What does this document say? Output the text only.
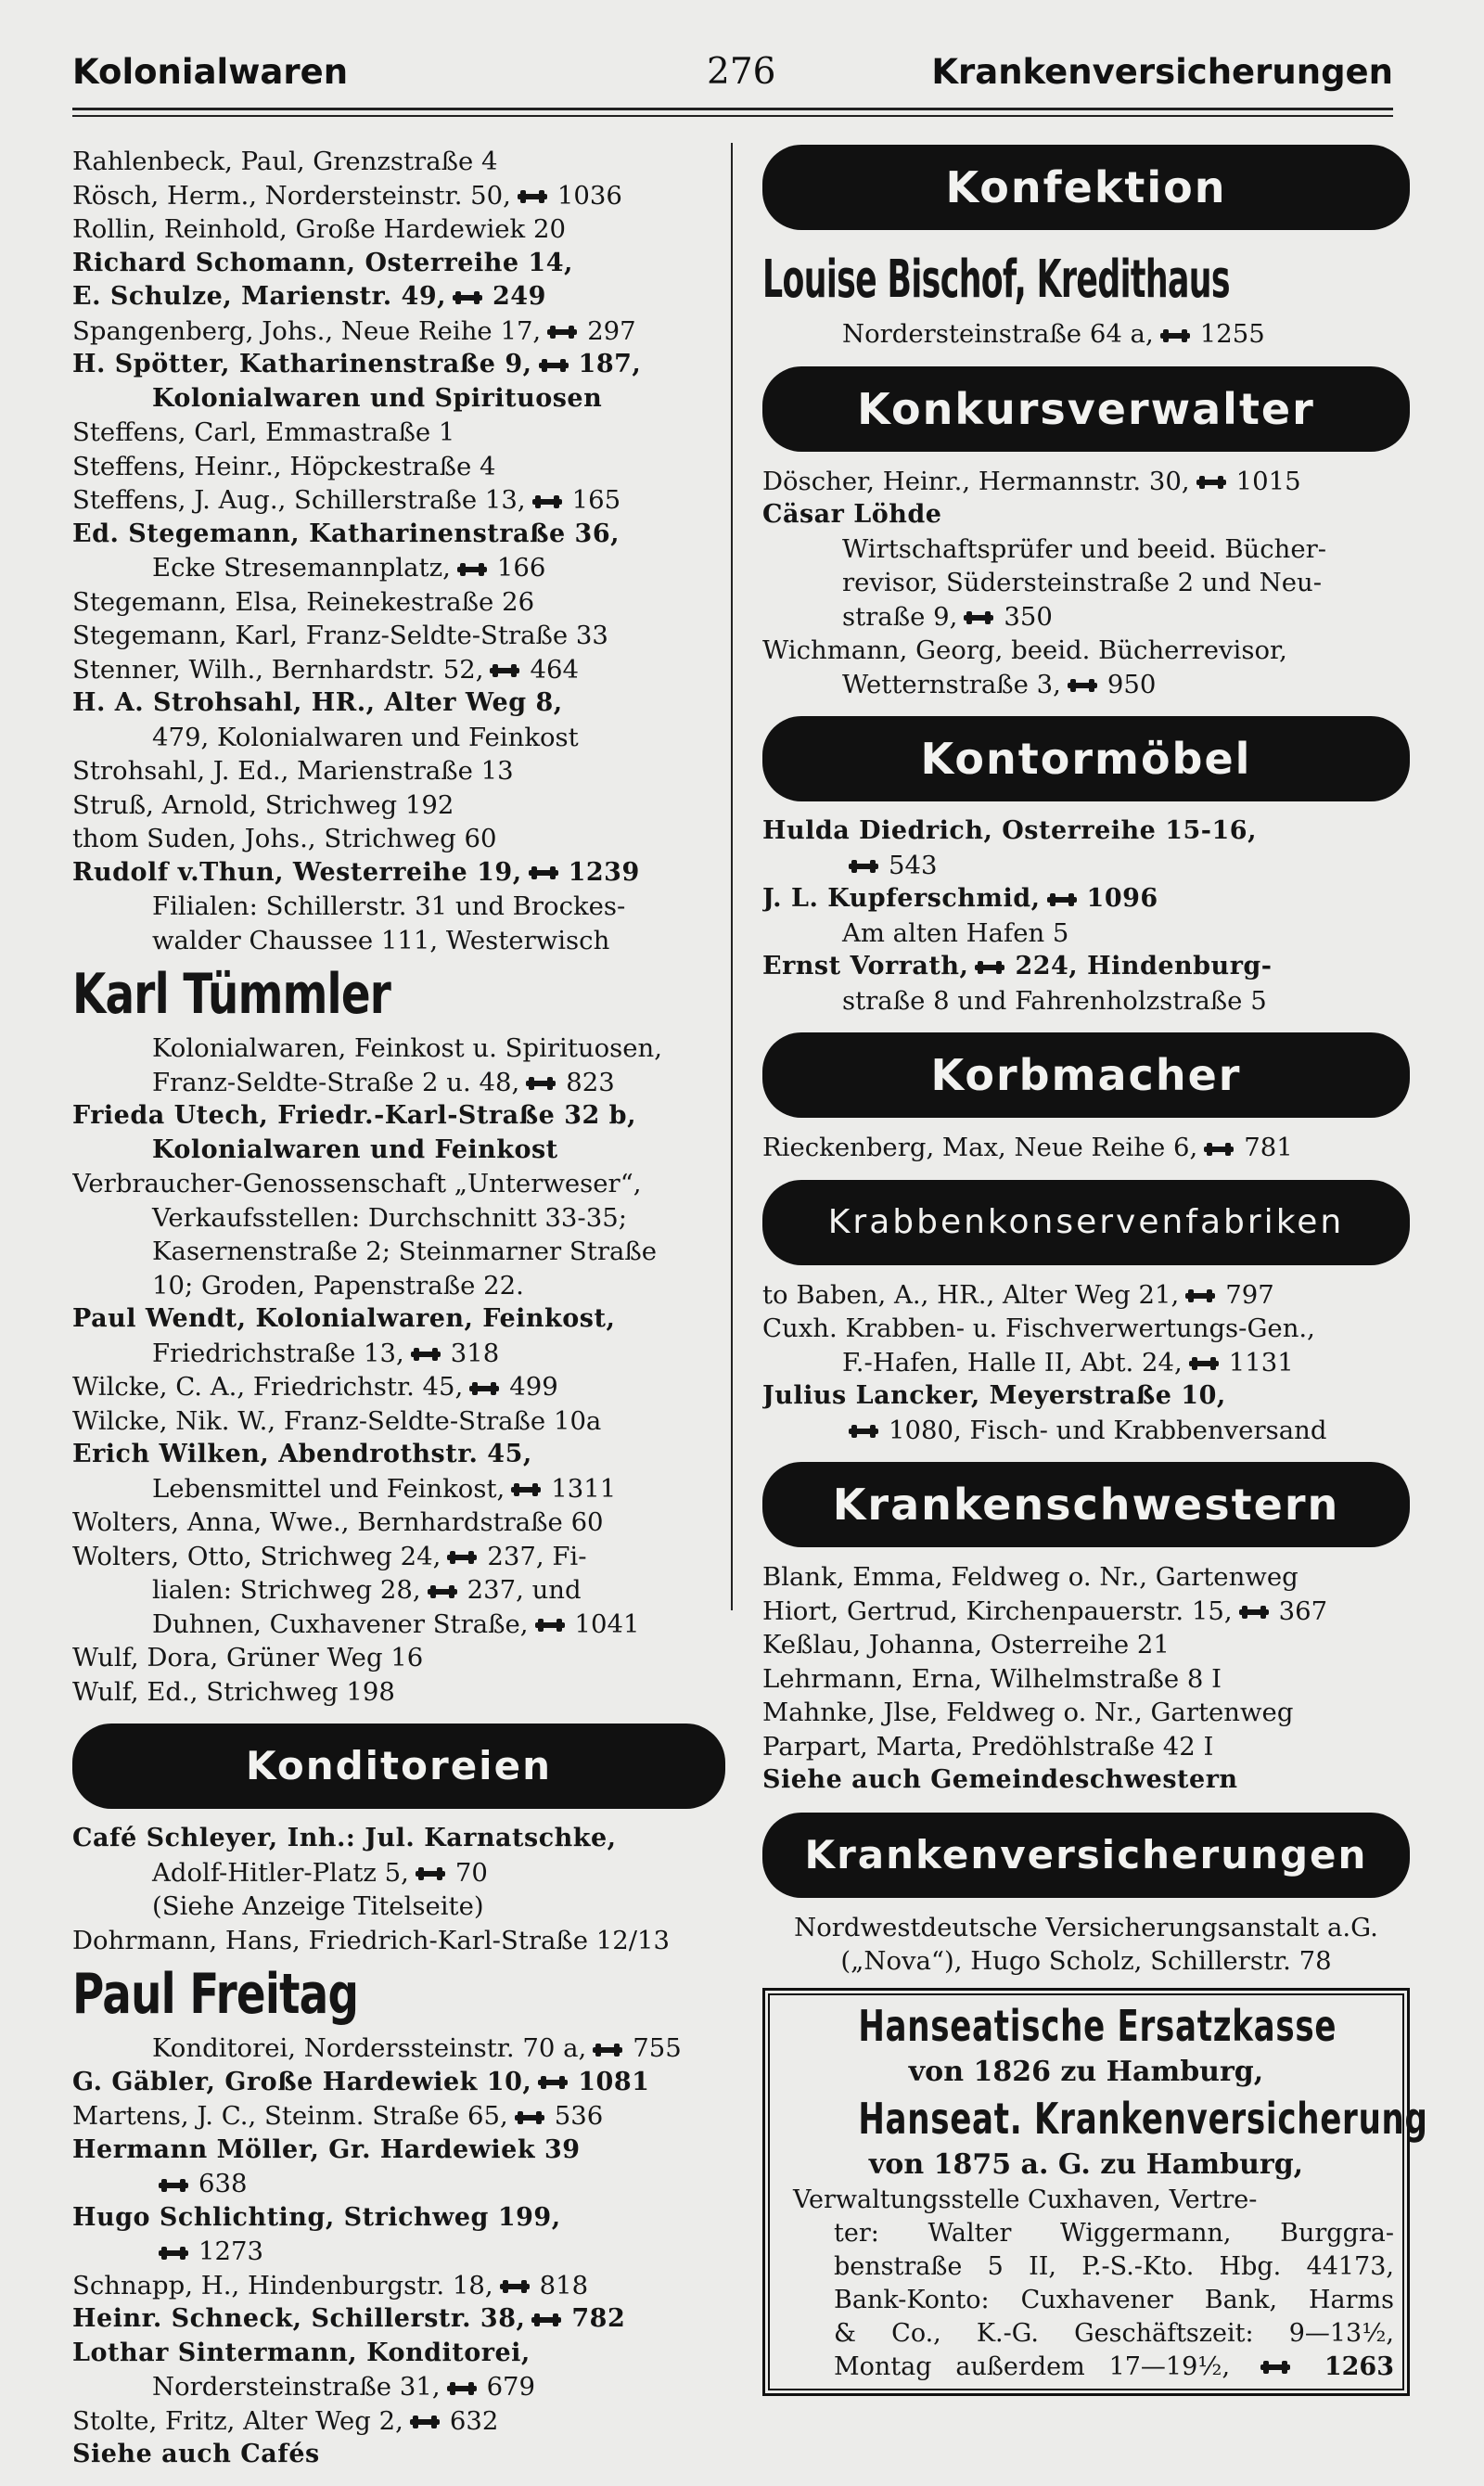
Kolonialwaren	276	Krankenversicherungen
Rahlenbeck, Paul, Grenzstraße 4
Rösch, Herm., Nordersteinstr. 50, 1036
Rollin, Reinhold, Große Hardewiek 20
Richard Schomann, Osterreihe 14,
E. Schulze, Marienstr. 49, 249
Spangenberg, Johs., Neue Reihe 17, 297
H. Spötter, Katharinenstraße 9, 187,
Kolonialwaren und Spirituosen
Steffens, Carl, Emmastraße 1
Steffens, Heinr., Höpckestraße 4
Steffens, J. Aug., Schillerstraße 13, 165
Ed. Stegemann, Katharinenstraße 36,
Ecke Stresemannplatz, 166
Stegemann, Elsa, Reinekestraße 26
Stegemann, Karl, Franz-Seldte-Straße 33
Stenner, Wilh., Bernhardstr. 52, 464
H. A. Strohsahl, HR., Alter Weg 8,
479, Kolonialwaren und Feinkost
Strohsahl, J. Ed., Marienstraße 13
Struß, Arnold, Strichweg 192
thom Suden, Johs., Strichweg 60
Rudolf v.Thun, Westerreihe 19, 1239
Filialen: Schillerstr. 31 und Brockes-
walder Chaussee 111, Westerwisch
Karl Tümmler
Kolonialwaren, Feinkost u. Spirituosen,
Franz-Seldte-Straße 2 u. 48, 823
Frieda Utech, Friedr.-Karl-Straße 32 b,
Kolonialwaren und Feinkost
Verbraucher-Genossenschaft „Unterweser“,
Verkaufsstellen: Durchschnitt 33-35;
Kasernenstraße 2; Steinmarner Straße
10; Groden, Papenstraße 22.
Paul Wendt, Kolonialwaren, Feinkost,
Friedrichstraße 13, 318
Wilcke, C. A., Friedrichstr. 45, 499
Wilcke, Nik. W., Franz-Seldte-Straße 10a
Erich Wilken, Abendrothstr. 45,
Lebensmittel und Feinkost, 1311
Wolters, Anna, Wwe., Bernhardstraße 60
Wolters, Otto, Strichweg 24, 237, Fi-
lialen: Strichweg 28, 237, und
Duhnen, Cuxhavener Straße, 1041
Wulf, Dora, Grüner Weg 16
Wulf, Ed., Strichweg 198
Konditoreien
Café Schleyer, Inh.: Jul. Karnatschke,
Adolf-Hitler-Platz 5, 70
(Siehe Anzeige Titelseite)
Dohrmann, Hans, Friedrich-Karl-Straße 12/13
Paul Freitag
Konditorei, Norderssteinstr. 70 a, 755
G. Gäbler, Große Hardewiek 10, 1081
Martens, J. C., Steinm. Straße 65, 536
Hermann Möller, Gr. Hardewiek 39
638
Hugo Schlichting, Strichweg 199,
1273
Schnapp, H., Hindenburgstr. 18, 818
Heinr. Schneck, Schillerstr. 38, 782
Lothar Sintermann, Konditorei,
Nordersteinstraße 31, 679
Stolte, Fritz, Alter Weg 2, 632
Siehe auch Cafés
Konfektion
Louise Bischof, Kredithaus
Nordersteinstraße 64 a, 1255
Konkursverwalter
Döscher, Heinr., Hermannstr. 30, 1015
Cäsar Löhde
Wirtschaftsprüfer und beeid. Bücher-
revisor, Südersteinstraße 2 und Neu-
straße 9, 350
Wichmann, Georg, beeid. Bücherrevisor,
Wetternstraße 3, 950
Kontormöbel
Hulda Diedrich, Osterreihe 15-16,
543
J. L. Kupferschmid, 1096
Am alten Hafen 5
Ernst Vorrath, 224, Hindenburg-
straße 8 und Fahrenholzstraße 5
Korbmacher
Rieckenberg, Max, Neue Reihe 6, 781
Krabbenkonservenfabriken
to Baben, A., HR., Alter Weg 21, 797
Cuxh. Krabben- u. Fischverwertungs-Gen.,
F.-Hafen, Halle II, Abt. 24, 1131
Julius Lancker, Meyerstraße 10,
1080, Fisch- und Krabbenversand
Krankenschwestern
Blank, Emma, Feldweg o. Nr., Gartenweg
Hiort, Gertrud, Kirchenpauerstr. 15, 367
Keßlau, Johanna, Osterreihe 21
Lehrmann, Erna, Wilhelmstraße 8 I
Mahnke, Jlse, Feldweg o. Nr., Gartenweg
Parpart, Marta, Predöhlstraße 42 I
Siehe auch Gemeindeschwestern
Krankenversicherungen
Nordwestdeutsche Versicherungsanstalt a.G.
(„Nova“), Hugo Scholz, Schillerstr. 78
Hanseatische Ersatzkasse
von 1826 zu Hamburg,
Hanseat. Krankenversicherung
von 1875 a. G. zu Hamburg,
Verwaltungsstelle Cuxhaven, Vertre-
ter: Walter Wiggermann, Burggra-
benstraße 5 II, P.-S.-Kto. Hbg. 44173,
Bank-Konto: Cuxhavener Bank, Harms
& Co., K.-G. Geschäftszeit: 9—13½,
Montag außerdem 17—19½,	1263
